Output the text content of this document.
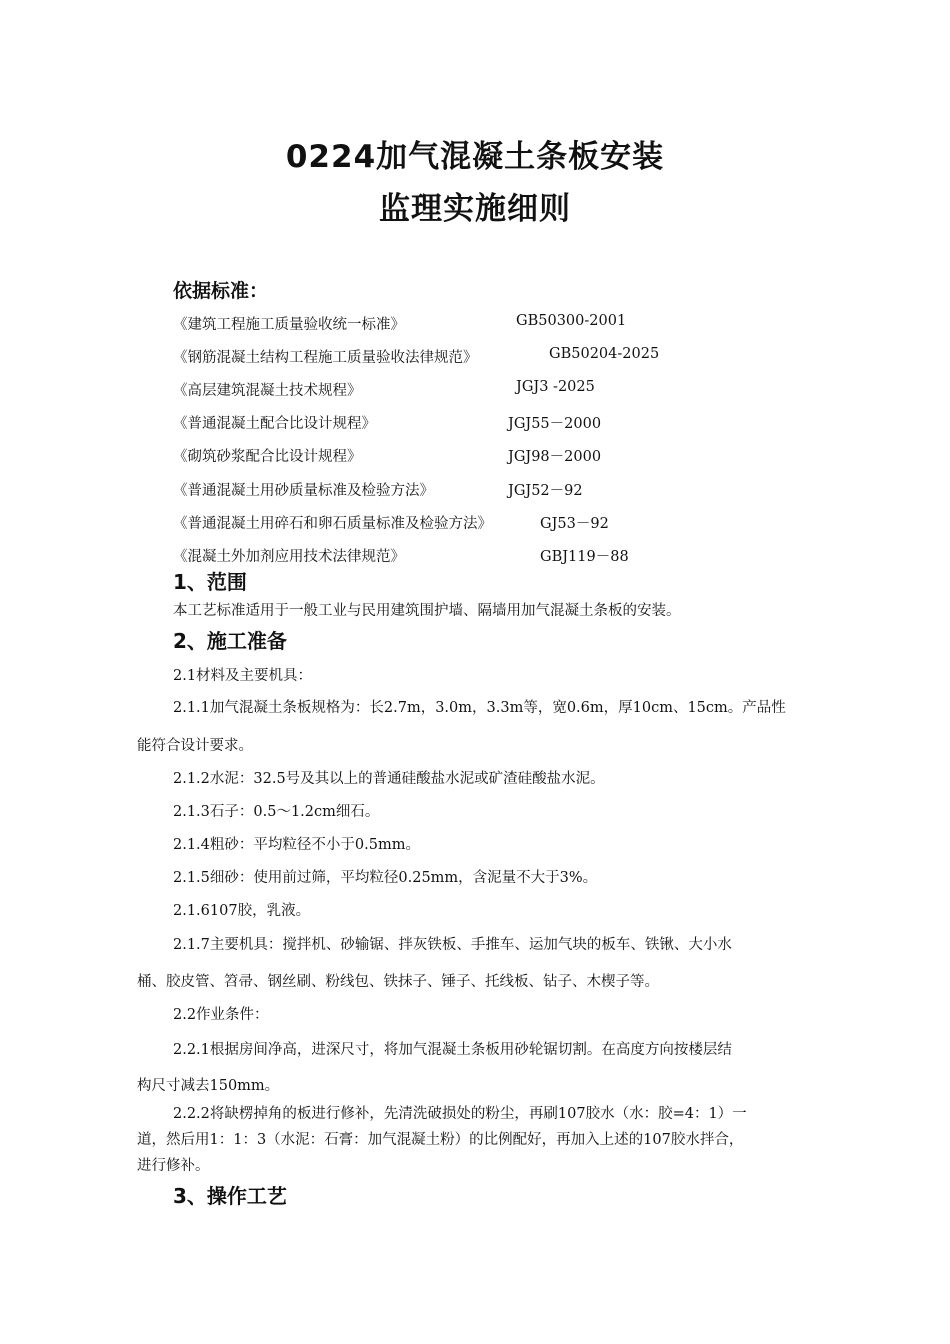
0224加气混凝土条板安装
监理实施细则
依据标准：
《建筑工程施工质量验收统一标准》	GB50300-2001
《钢筋混凝土结构工程施工质量验收法律规范》	GB50204-2025
《高层建筑混凝土技术规程》	JGJ3 -2025
《普通混凝土配合比设计规程》	JGJ55－2000
《砌筑砂浆配合比设计规程》	JGJ98－2000
《普通混凝土用砂质量标准及检验方法》	JGJ52－92
《普通混凝土用碎石和卵石质量标准及检验方法》	GJ53－92
《混凝土外加剂应用技术法律规范》	GBJ119－88
1、范围
本工艺标准适用于一般工业与民用建筑围护墙、隔墙用加气混凝土条板的安装。
2、施工准备
2.1材料及主要机具：
2.1.1加气混凝土条板规格为：长2.7m，3.0m，3.3m等，宽0.6m，厚10cm、15cm。产品性
能符合设计要求。
2.1.2水泥：32.5号及其以上的普通硅酸盐水泥或矿渣硅酸盐水泥。
2.1.3石子：0.5～1.2cm细石。
2.1.4粗砂：平均粒径不小于0.5mm。
2.1.5细砂：使用前过筛，平均粒径0.25mm，含泥量不大于3%。
2.1.6107胶，乳液。
2.1.7主要机具：搅拌机、砂输锯、拌灰铁板、手推车、运加气块的板车、铁锹、大小水
桶、胶皮管、笤帚、钢丝刷、粉线包、铁抹子、锤子、托线板、钻子、木楔子等。
2.2作业条件：
2.2.1根据房间净高，进深尺寸，将加气混凝土条板用砂轮锯切割。在高度方向按楼层结
构尺寸减去150mm。
2.2.2将缺楞掉角的板进行修补，先清洗破损处的粉尘，再刷107胶水（水：胶=4：1）一
道，然后用1：1：3（水泥：石膏：加气混凝土粉）的比例配好，再加入上述的107胶水拌合，
进行修补。
3、操作工艺
